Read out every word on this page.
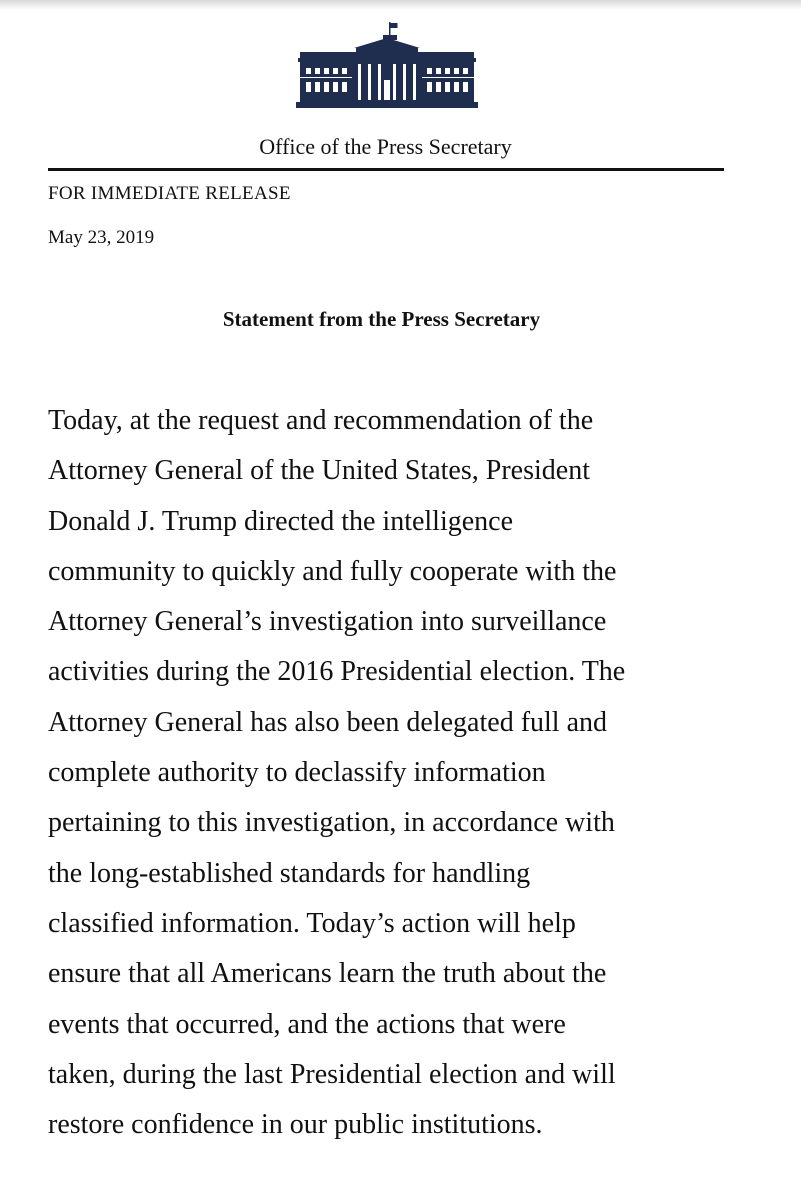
Office of the Press Secretary
FOR IMMEDIATE RELEASE
May 23, 2019
Statement from the Press Secretary

Today, at the request and recommendation of the
Attorney General of the United States, President
Donald J. Trump directed the intelligence
community to quickly and fully cooperate with the
Attorney General’s investigation into surveillance
activities during the 2016 Presidential election. The
Attorney General has also been delegated full and
complete authority to declassify information
pertaining to this investigation, in accordance with
the long-established standards for handling
classified information. Today’s action will help
ensure that all Americans learn the truth about the
events that occurred, and the actions that were
taken, during the last Presidential election and will
restore confidence in our public institutions.
